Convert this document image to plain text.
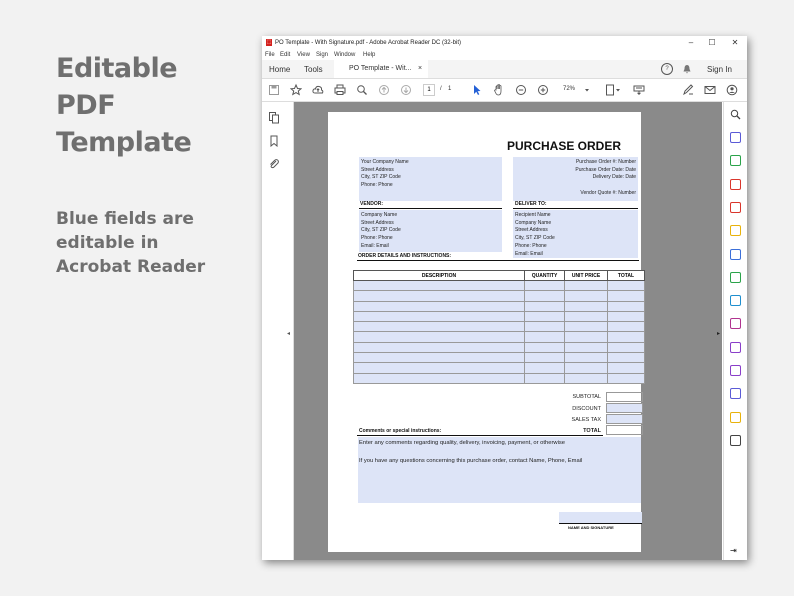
Editable
PDF
Template
Blue fields are
editable in
Acrobat Reader
⬚ PO Template - With Signature.pdf - Adobe Acrobat Reader DC (32-bit)	–	☐	✕
File Edit View Sign Window Help
Home Tools	PO Template - Wit... ×	?	Sign In
1	/ 1	72%
◂	▸
PURCHASE ORDER
Your Company Name
Street Address
City, ST ZIP Code
Phone: Phone
Purchase Order #: Number
Purchase Order Date: Date
Delivery Date: Date

Vendor Quote #: Number
VENDOR:	DELIVER TO:
Company Name
Street Address
City, ST ZIP Code
Phone: Phone
Email: Email
Recipient Name
Company Name
Street Address
City, ST ZIP Code
Phone: Phone
Email: Email
ORDER DETAILS AND INSTRUCTIONS:
DESCRIPTION	QUANTITY	UNIT PRICE	TOTAL

SUBTOTAL
DISCOUNT
SALES TAX
TOTAL
Comments or special instructions:
Enter any comments regarding quality, delivery, invoicing, payment, or otherwise
If you have any questions concerning this purchase order, contact Name, Phone, Email
NAME AND SIGNATURE
⇥
